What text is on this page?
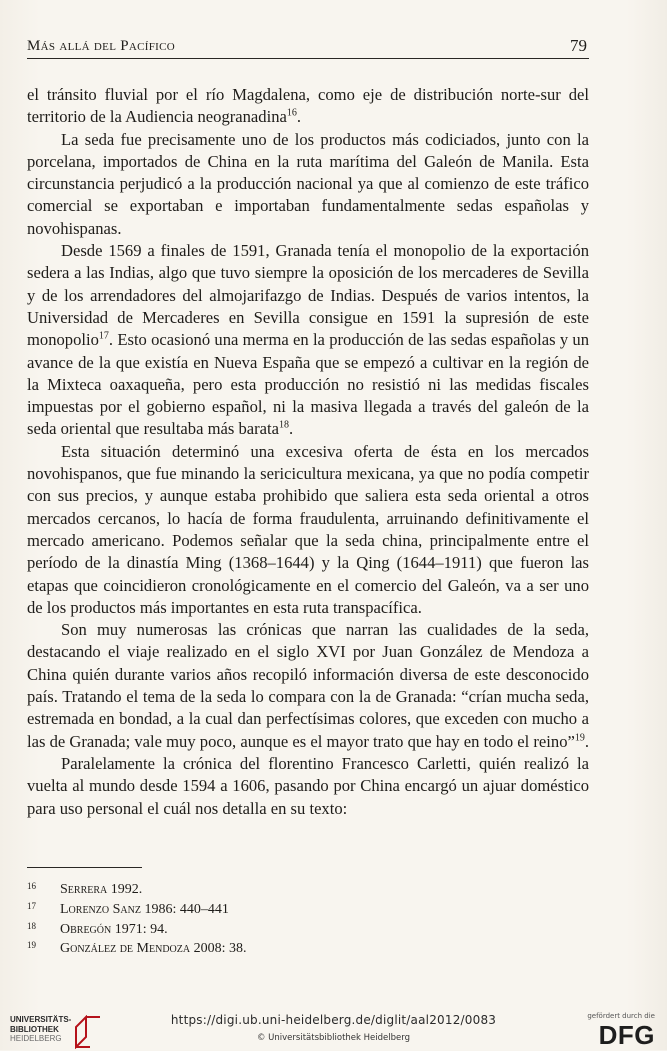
Más allá del Pacífico	79

el tránsito fluvial por el río Magdalena, como eje de distribución norte-sur del territorio de la Audiencia neogranadina$^{16}$.

La seda fue precisamente uno de los productos más codiciados, junto con la porcelana, importados de China en la ruta marítima del Galeón de Manila. Esta circunstancia perjudicó a la producción nacional ya que al comienzo de este tráfico comercial se exportaban e importaban fundamentalmente sedas españolas y novohispanas.

Desde 1569 a finales de 1591, Granada tenía el monopolio de la exportación sedera a las Indias, algo que tuvo siempre la oposición de los mercaderes de Sevilla y de los arrendadores del almojarifazgo de Indias. Después de varios intentos, la Universidad de Mercaderes en Sevilla consigue en 1591 la supresión de este monopolio$^{17}$. Esto ocasionó una merma en la producción de las sedas españolas y un avance de la que existía en Nueva España que se empezó a cultivar en la región de la Mixteca oaxaqueña, pero esta producción no resistió ni las medidas fiscales impuestas por el gobierno español, ni la masiva llegada a través del galeón de la seda oriental que resultaba más barata$^{18}$.

Esta situación determinó una excesiva oferta de ésta en los mercados novohispanos, que fue minando la sericicultura mexicana, ya que no podía competir con sus precios, y aunque estaba prohibido que saliera esta seda oriental a otros mercados cercanos, lo hacía de forma fraudulenta, arruinando definitivamente el mercado americano. Podemos señalar que la seda china, principalmente entre el período de la dinastía Ming (1368–1644) y la Qing (1644–1911) que fueron las etapas que coincidieron cronológicamente en el comercio del Galeón, va a ser uno de los productos más importantes en esta ruta transpacífica.

Son muy numerosas las crónicas que narran las cualidades de la seda, destacando el viaje realizado en el siglo XVI por Juan González de Mendoza a China quién durante varios años recopiló información diversa de este desconocido país. Tratando el tema de la seda lo compara con la de Granada: “crían mucha seda, estremada en bondad, a la cual dan perfectísimas colores, que exceden con mucho a las de Granada; vale muy poco, aunque es el mayor trato que hay en todo el reino”$^{19}$.

Paralelamente la crónica del florentino Francesco Carletti, quién realizó la vuelta al mundo desde 1594 a 1606, pasando por China encargó un ajuar doméstico para uso personal el cuál nos detalla en su texto:

16	Serrera 1992.
17	Lorenzo Sanz 1986: 440–441
18	Obregón 1971: 94.
19	González de Mendoza 2008: 38.
UNIVERSITÄTS-
BIBLIOTHEK
HEIDELBERG
https://digi.ub.uni-heidelberg.de/diglit/aal2012/0083
© Universitätsbibliothek Heidelberg
gefördert durch die
DFG
